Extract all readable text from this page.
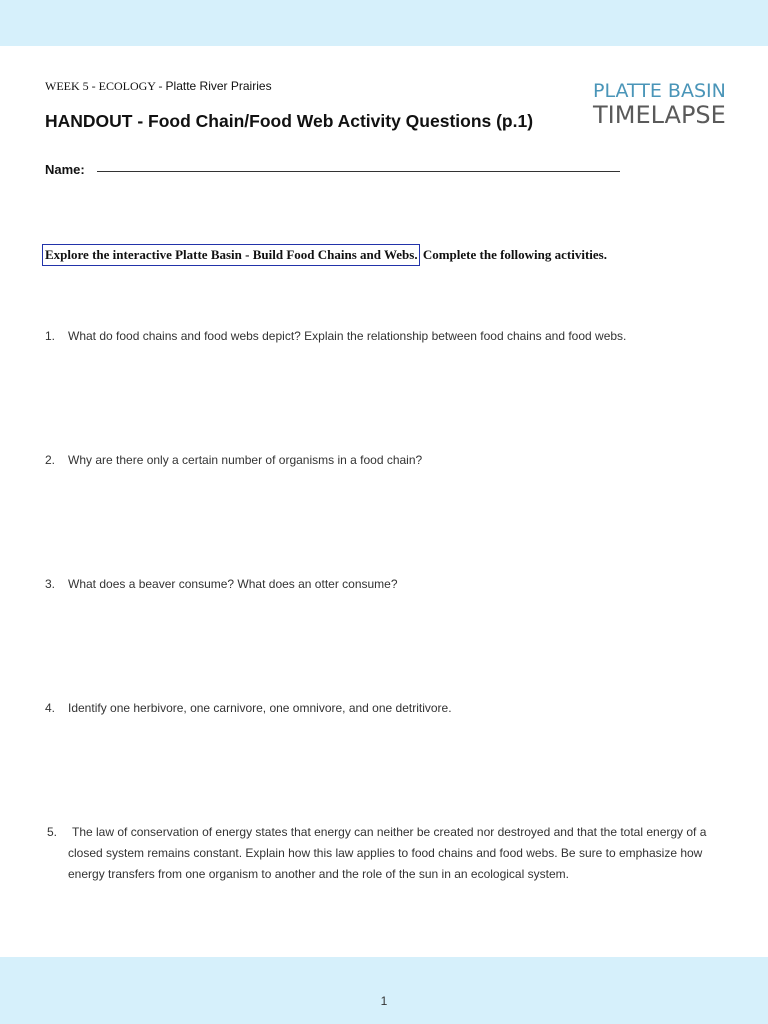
WEEK 5 - ECOLOGY - Platte River Prairies	PLATTE BASIN
TIMELAPSE
HANDOUT - Food Chain/Food Web Activity Questions (p.1)
Name:
Explore the interactive Platte Basin - Build Food Chains and Webs. Complete the following activities.
1. What do food chains and food webs depict? Explain the relationship between food chains and food webs.
2. Why are there only a certain number of organisms in a food chain?
3. What does a beaver consume? What does an otter consume?
4. Identify one herbivore, one carnivore, one omnivore, and one detritivore.
5.	The law of conservation of energy states that energy can neither be created nor destroyed and that the total energy of a closed system remains constant. Explain how this law applies to food chains and food webs. Be sure to emphasize how energy transfers from one organism to another and the role of the sun in an ecological system.
1
